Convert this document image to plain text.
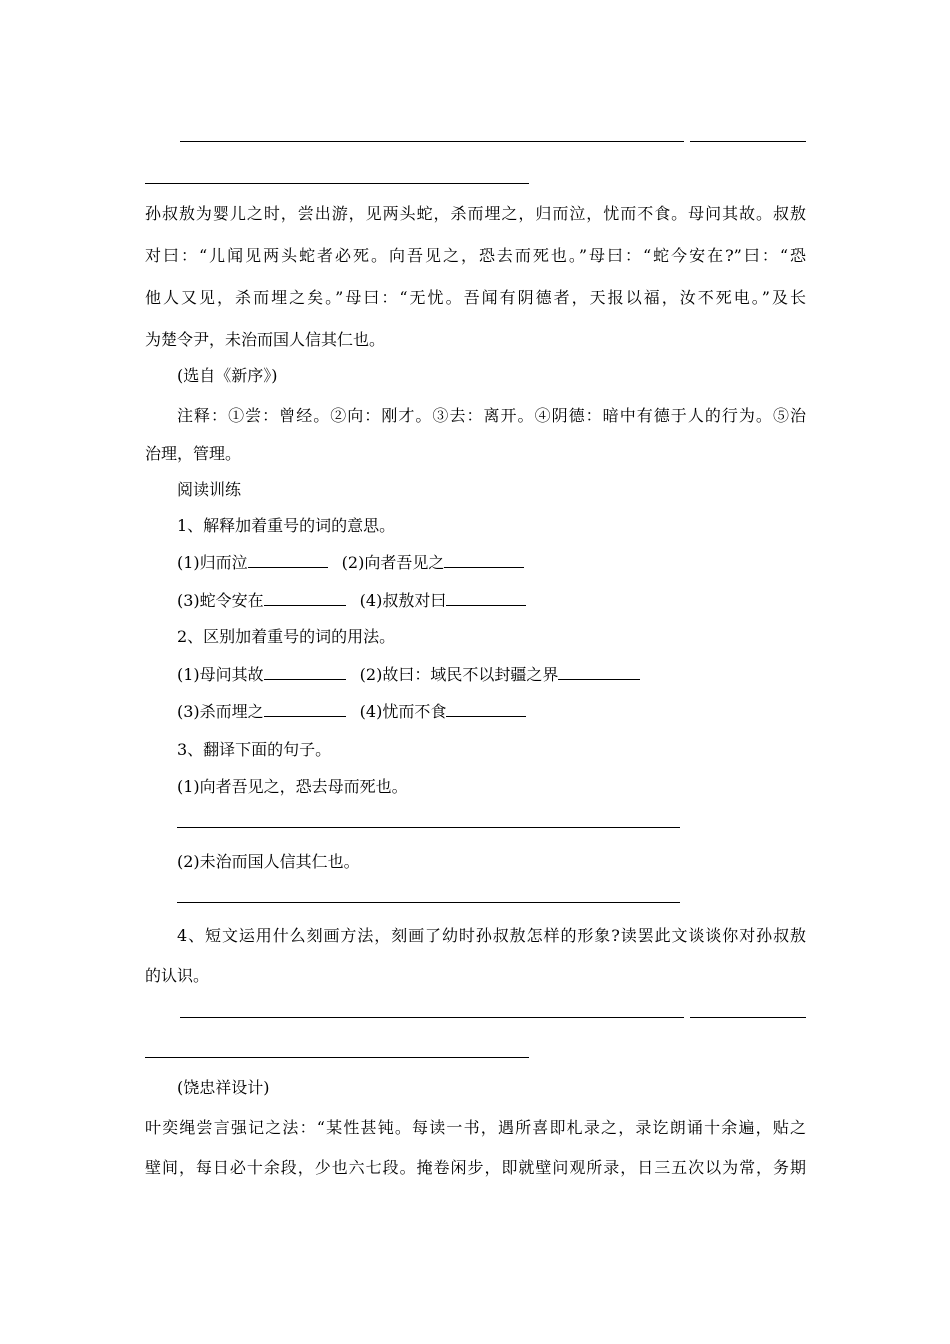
孙叔敖为婴儿之时，尝出游，见两头蛇，杀而埋之，归而泣，忧而不食。母问其故。叔敖
对曰：“儿闻见两头蛇者必死。向吾见之，恐去而死也。”母曰：“蛇今安在?”曰：“恐
他人又见，杀而埋之矣。”母曰：“无忧。吾闻有阴德者，天报以福，汝不死电。”及长
为楚令尹，未治而国人信其仁也。
(选自《新序》)
注释：①尝：曾经。②向：刚才。③去：离开。④阴德：暗中有德于人的行为。⑤治
治理，管理。
阅读训练
1、解释加着重号的词的意思。
(1)归而泣	(2)向者吾见之
(3)蛇令安在	(4)叔敖对曰
2、区别加着重号的词的用法。
(1)母问其故	(2)故曰：域民不以封疆之界
(3)杀而埋之	(4)忧而不食
3、翻译下面的句子。
(1)向者吾见之，恐去母而死也。
(2)未治而国人信其仁也。
4、短文运用什么刻画方法，刻画了幼时孙叔敖怎样的形象?读罢此文谈谈你对孙叔敖
的认识。
(饶忠祥设计)
叶奕绳尝言强记之法：“某性甚钝。每读一书，遇所喜即札录之，录讫朗诵十余遍，贴之
壁间，每日必十余段，少也六七段。掩卷闲步，即就壁问观所录，日三五次以为常，务期
